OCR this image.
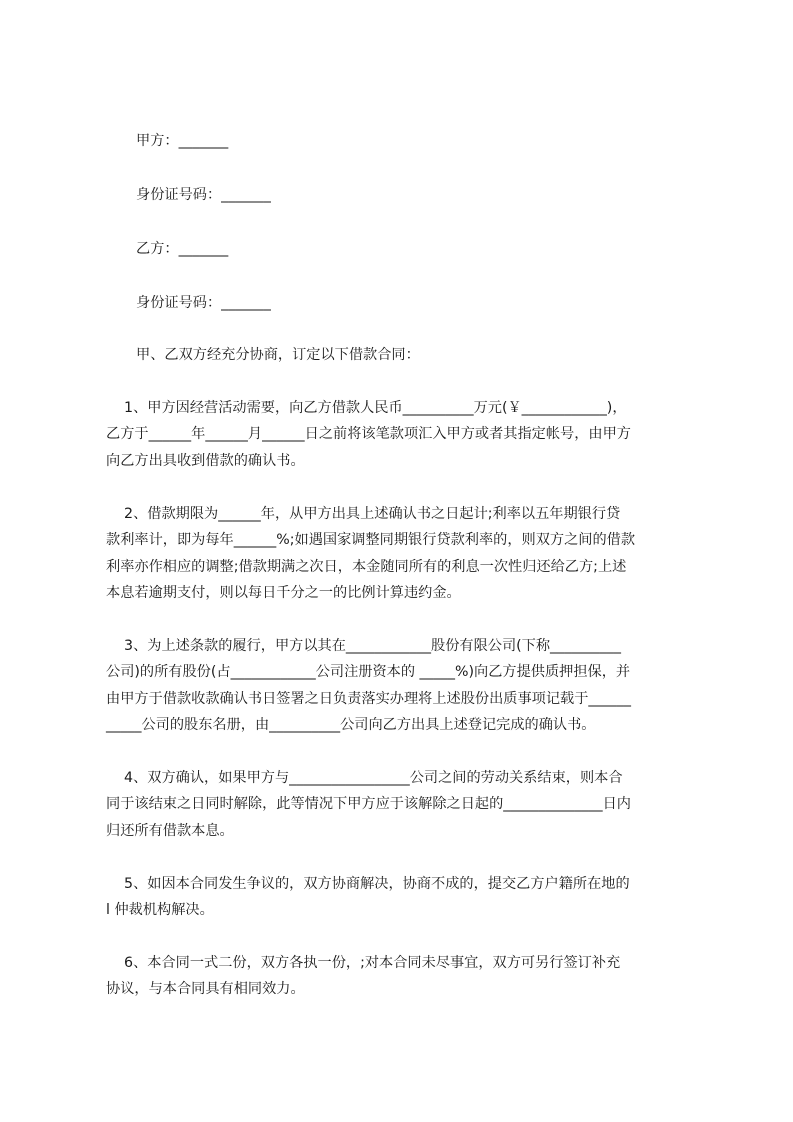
甲方：_______

身份证号码：_______

乙方：_______

身份证号码：_______

甲、乙双方经充分协商，订定以下借款合同：

1、甲方因经营活动需要，向乙方借款人民币__________万元(￥____________)，

乙方于______年______月______日之前将该笔款项汇入甲方或者其指定帐号，由甲方

向乙方出具收到借款的确认书。

2、借款期限为______年，从甲方出具上述确认书之日起计;利率以五年期银行贷

款利率计，即为每年______%;如遇国家调整同期银行贷款利率的，则双方之间的借款

利率亦作相应的调整;借款期满之次日，本金随同所有的利息一次性归还给乙方;上述

本息若逾期支付，则以每日千分之一的比例计算违约金。

3、为上述条款的履行，甲方以其在____________股份有限公司(下称__________

公司)的所有股份(占____________公司注册资本的 _____%)向乙方提供质押担保，并

由甲方于借款收款确认书日签署之日负责落实办理将上述股份出质事项记载于______

_____公司的股东名册，由__________公司向乙方出具上述登记完成的确认书。

4、双方确认，如果甲方与_________________公司之间的劳动关系结束，则本合

同于该结束之日同时解除，此等情况下甲方应于该解除之日起的______________日内

归还所有借款本息。

5、如因本合同发生争议的，双方协商解决，协商不成的，提交乙方户籍所在地的

l 仲裁机构解决。

6、本合同一式二份，双方各执一份，;对本合同未尽事宜，双方可另行签订补充

协议，与本合同具有相同效力。
